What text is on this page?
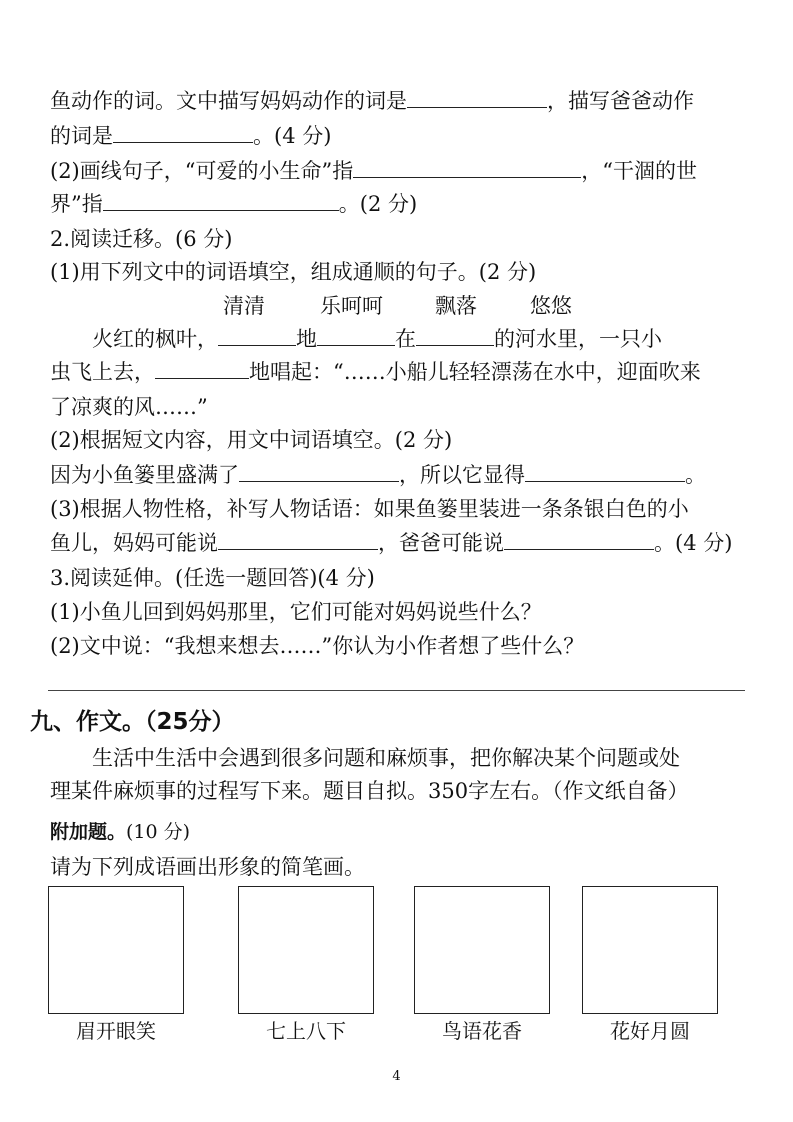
鱼动作的词。文中描写妈妈动作的词是	，描写爸爸动作
的词是	。(4 分)
(2)画线句子，“可爱的小生命”指	，“干涸的世
界”指	。(2 分)
2.阅读迁移。(6 分)
(1)用下列文中的词语填空，组成通顺的句子。(2 分)
清清	乐呵呵 飘落	悠悠
　　火红的枫叶，	地	在	的河水里，一只小
虫飞上去，	地唱起：“……小船儿轻轻漂荡在水中，迎面吹来
了凉爽的风……”
(2)根据短文内容，用文中词语填空。(2 分)
因为小鱼篓里盛满了	，所以它显得	。
(3)根据人物性格，补写人物话语：如果鱼篓里装进一条条银白色的小
鱼儿，妈妈可能说	，爸爸可能说	。(4 分)
3.阅读延伸。(任选一题回答)(4 分)
(1)小鱼儿回到妈妈那里，它们可能对妈妈说些什么？
(2)文中说：“我想来想去……”你认为小作者想了些什么？
九、作文。（25分）
　　生活中生活中会遇到很多问题和麻烦事，把你解决某个问题或处
理某件麻烦事的过程写下来。题目自拟。350字左右。（作文纸自备）
附加题。(10 分)
请为下列成语画出形象的简笔画。
眉开眼笑	七上八下	鸟语花香	花好月圆
4
